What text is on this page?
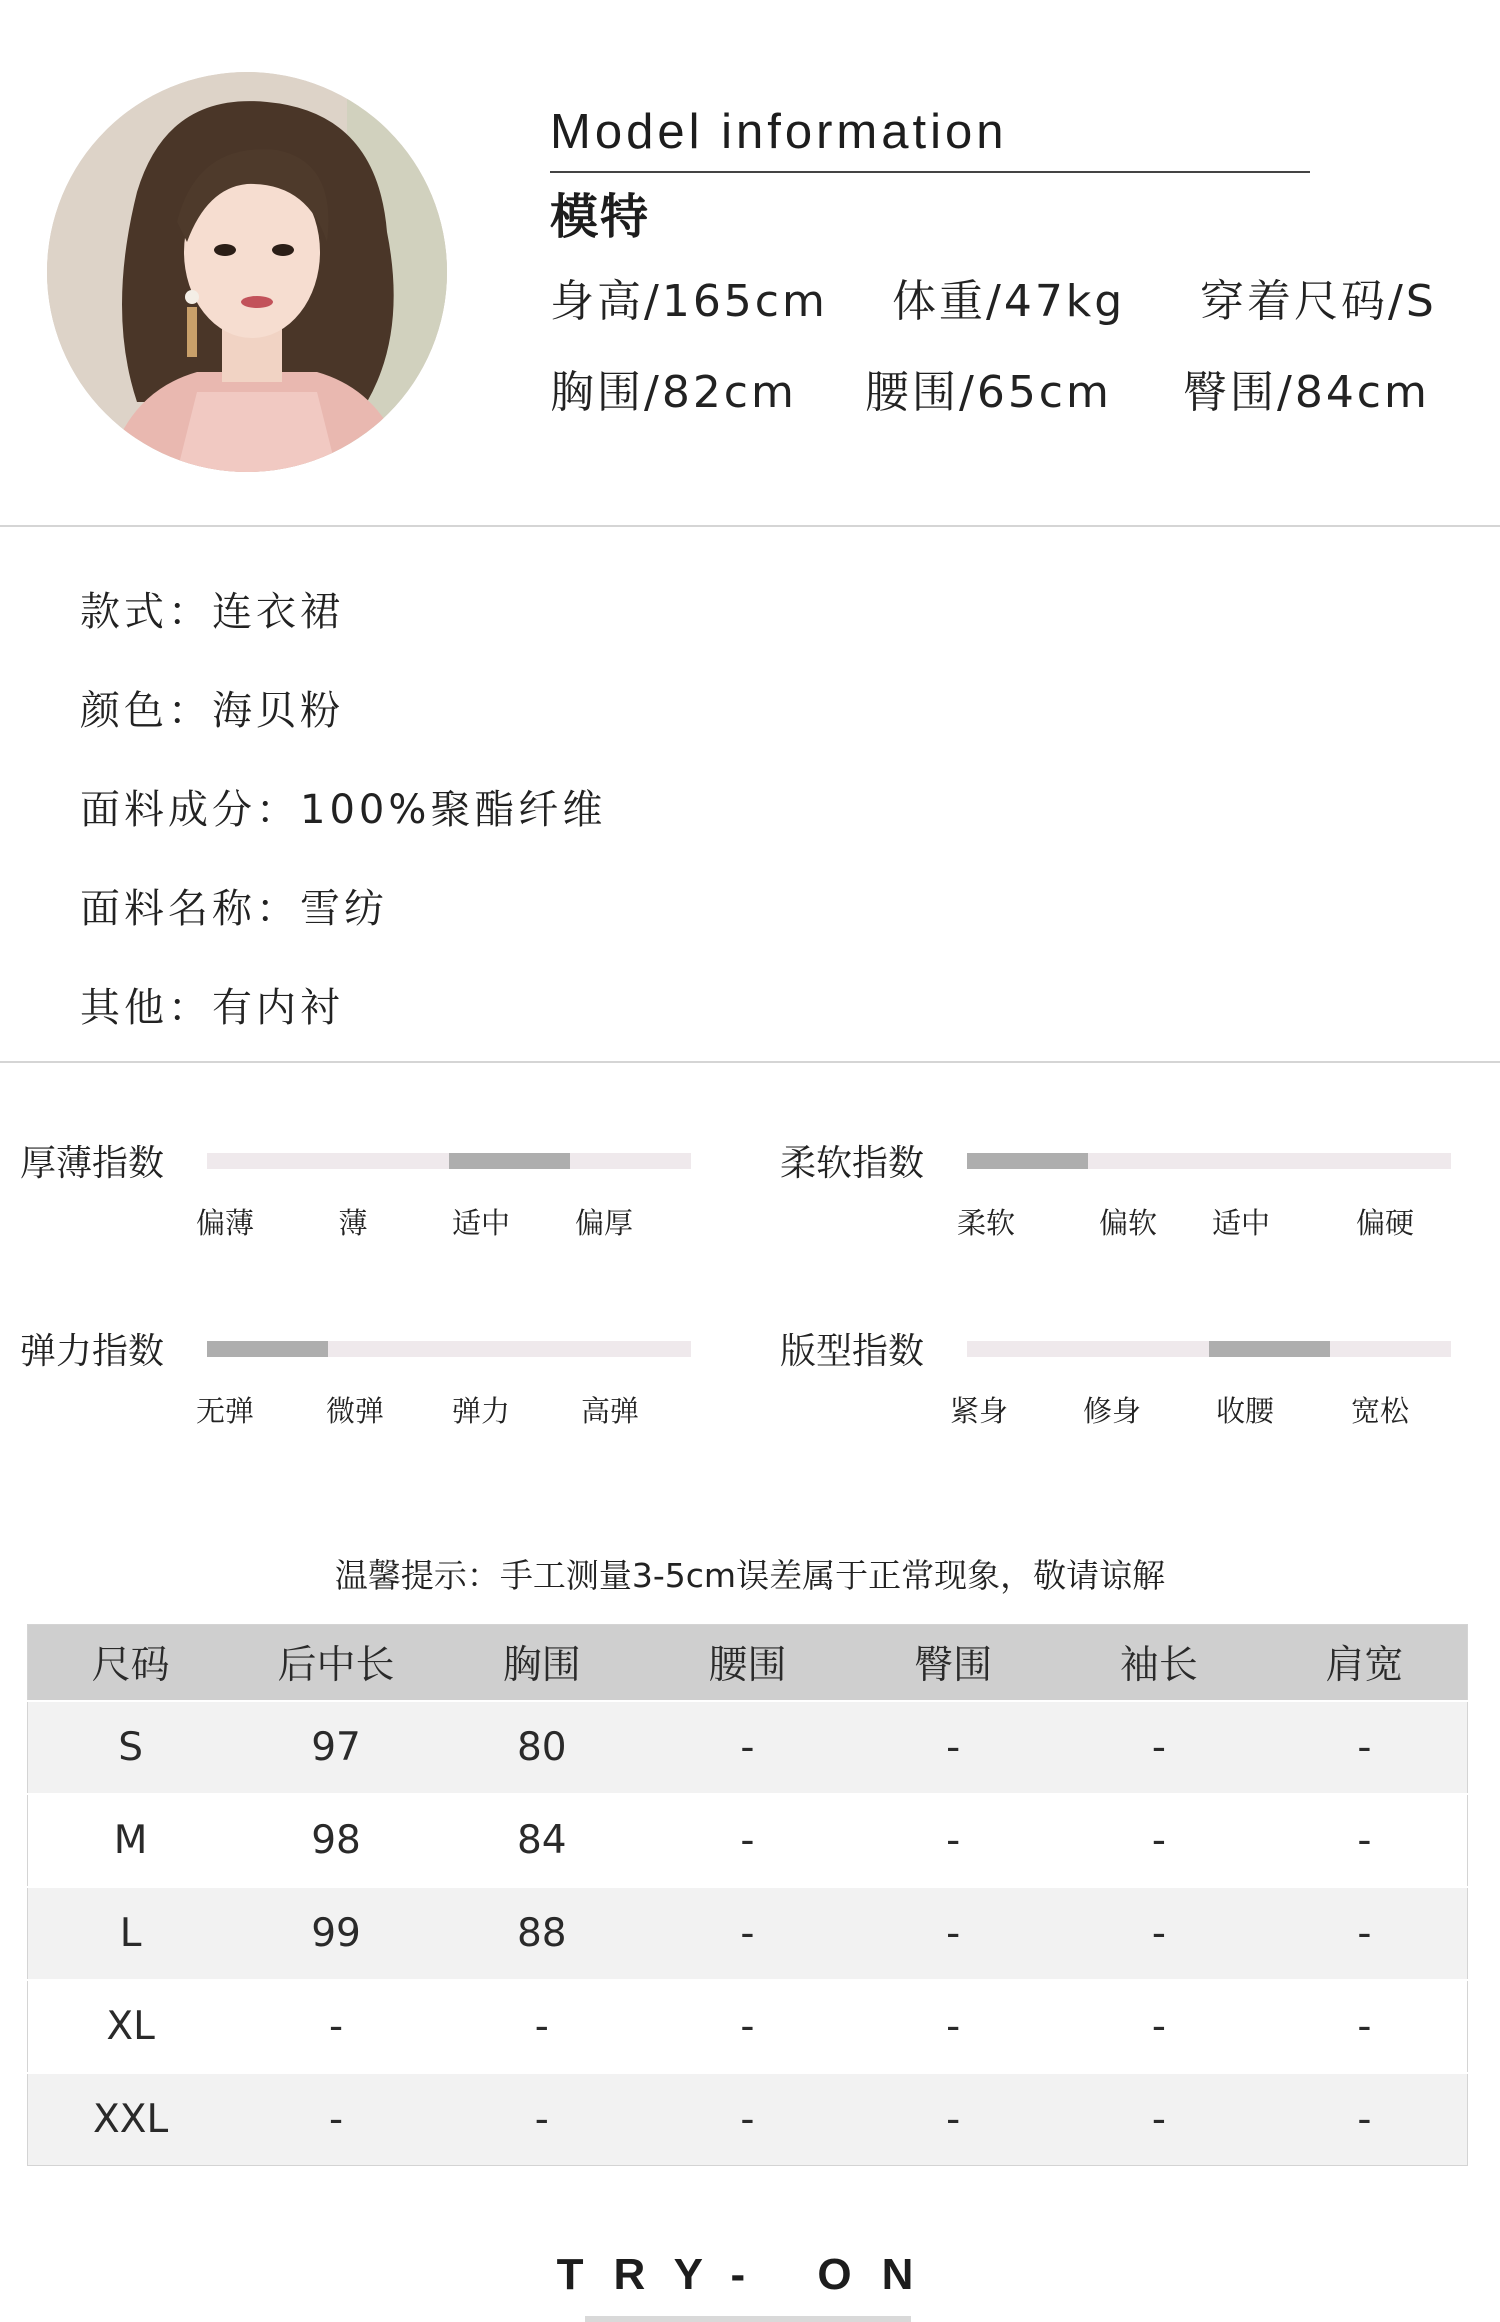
Model information
模特
身高/165cm 体重/47kg 穿着尺码/S
胸围/82cm 腰围/65cm 臀围/84cm
款式：连衣裙
颜色：海贝粉
面料成分：100%聚酯纤维
面料名称：雪纺
其他：有内衬
厚薄指数
偏薄	薄	适中	偏厚
柔软指数
柔软	偏软	适中	偏硬
弹力指数
无弹	微弹	弹力	高弹
版型指数
紧身	修身	收腰	宽松
温馨提示：手工测量3-5cm误差属于正常现象，敬请谅解
尺码	后中长	胸围	腰围	臀围	袖长	肩宽
S	97	80	-	-	-	-
M	98	84	-	-	-	-
L	99	88	-	-	-	-
XL	-	-	-	-	-	-
XXL	-	-	-	-	-	-
TRY- ON
